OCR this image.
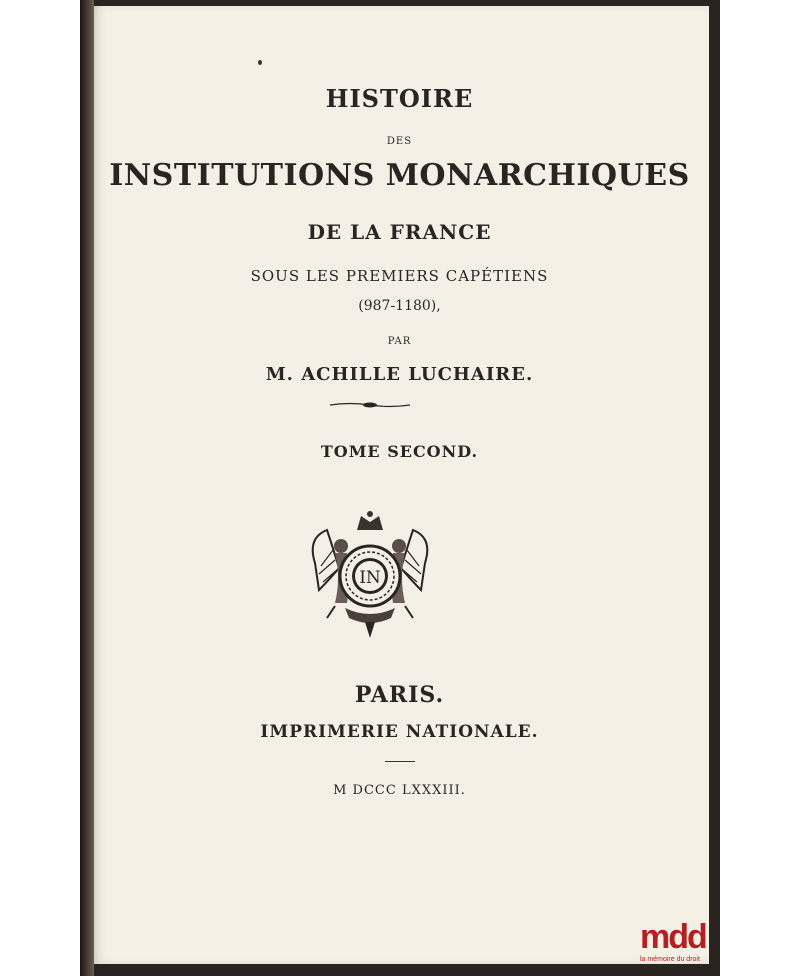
HISTOIRE
DES
INSTITUTIONS MONARCHIQUES
DE LA FRANCE
SOUS LES PREMIERS CAPÉTIENS
(987-1180),
PAR
M. ACHILLE LUCHAIRE.
TOME SECOND.
IN
PARIS.
IMPRIMERIE NATIONALE.
M DCCC LXXXIII.
mdd
la mémoire du droit
